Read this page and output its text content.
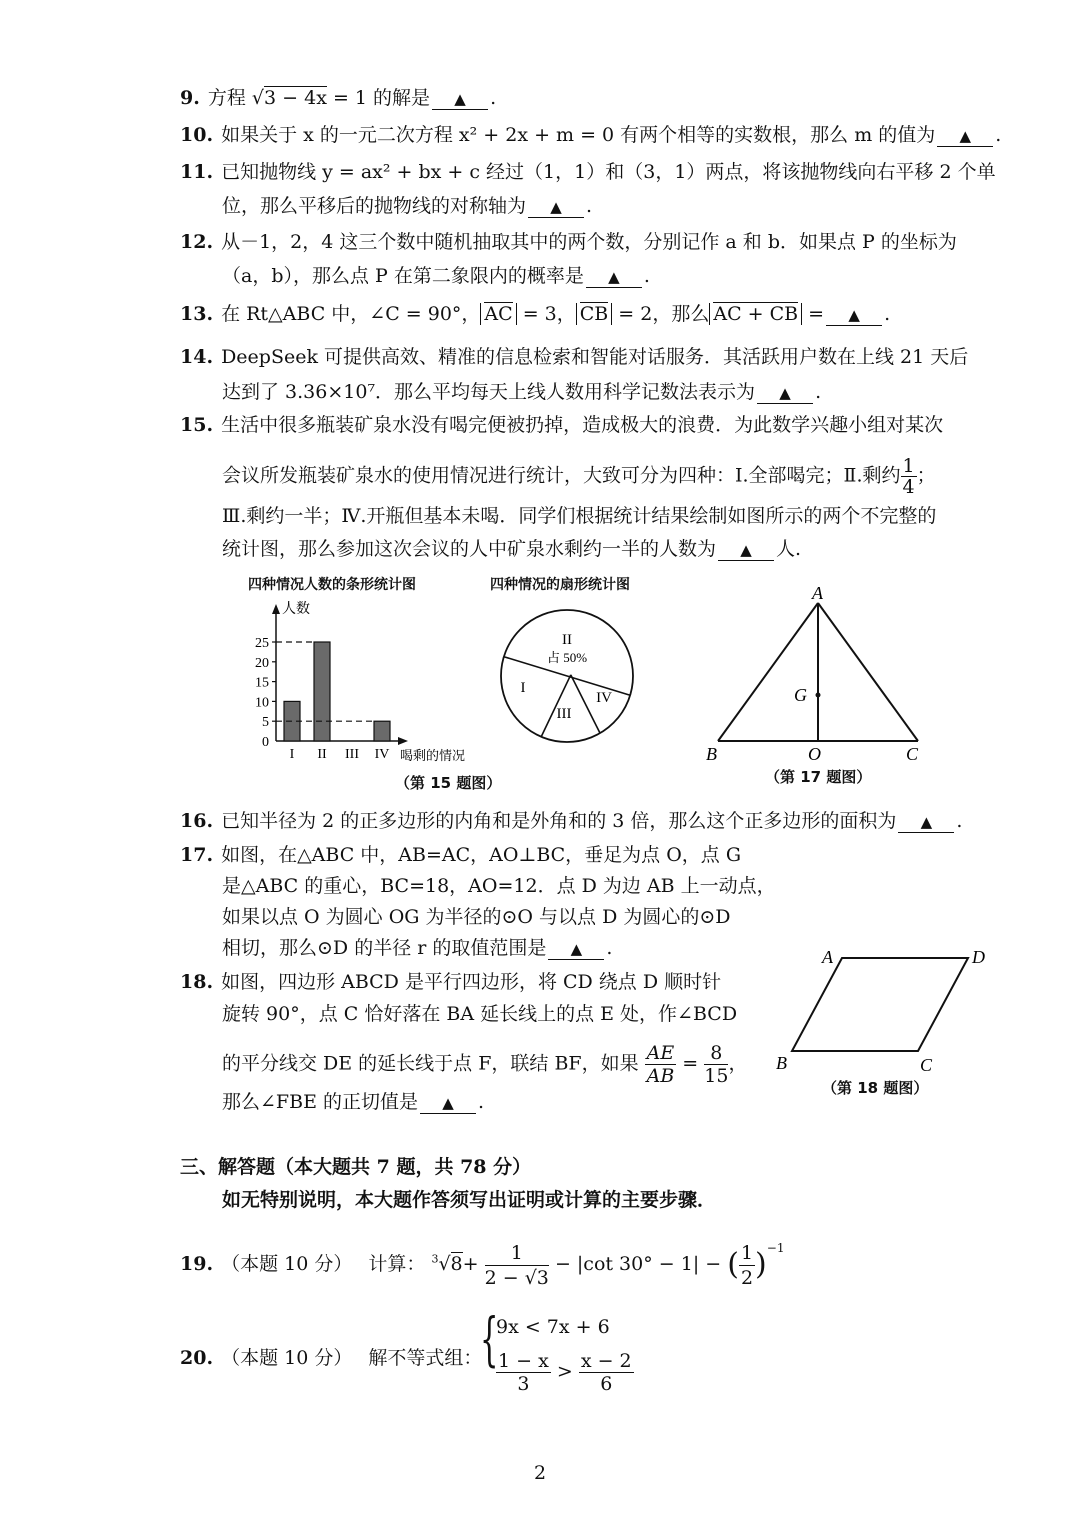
9. 方程 √3 − 4x = 1 的解是 ▲ .
10. 如果关于 x 的一元二次方程 x² + 2x + m = 0 有两个相等的实数根，那么 m 的值为 ▲ .
11. 已知抛物线 y = ax² + bx + c 经过（1，1）和（3，1）两点，将该抛物线向右平移 2 个单
位，那么平移后的抛物线的对称轴为 ▲ .
12. 从－1，2，4 这三个数中随机抽取其中的两个数，分别记作 a 和 b．如果点 P 的坐标为
（a，b），那么点 P 在第二象限内的概率是 ▲ .
13. 在 Rt△ABC 中，∠C = 90°， AC = 3， CB = 2，那么 AC + CB = ▲ .
14. DeepSeek 可提供高效、精准的信息检索和智能对话服务．其活跃用户数在上线 21 天后
达到了 3.36×10⁷．那么平均每天上线人数用科学记数法表示为 ▲ .
15. 生活中很多瓶装矿泉水没有喝完便被扔掉，造成极大的浪费．为此数学兴趣小组对某次
会议所发瓶装矿泉水的使用情况进行统计，大致可分为四种：Ⅰ.全部喝完；Ⅱ.剩约 $\frac{1}{4}$ ；
Ⅲ.剩约一半；Ⅳ.开瓶但基本未喝．同学们根据统计结果绘制如图所示的两个不完整的
统计图，那么参加这次会议的人中矿泉水剩约一半的人数为 ▲ 人.
四种情况人数的条形统计图	四种情况的扇形统计图
人数
喝剩的情况
0
5
10
15
20
25
I II III IV
II
占 50%
I
III
IV
（第 15 题图）
A
G
B	O	C
（第 17 题图）
16. 已知半径为 2 的正多边形的内角和是外角和的 3 倍，那么这个正多边形的面积为 ▲ .
17. 如图，在△ABC 中，AB=AC，AO⊥BC，垂足为点 O，点 G
是△ABC 的重心，BC=18，AO=12．点 D 为边 AB 上一动点，
如果以点 O 为圆心 OG 为半径的⊙O 与以点 D 为圆心的⊙D
相切，那么⊙D 的半径 r 的取值范围是 ▲ .
18. 如图，四边形 ABCD 是平行四边形，将 CD 绕点 D 顺时针
旋转 90°，点 C 恰好落在 BA 延长线上的点 E 处，作∠BCD
的平分线交 DE 的延长线于点 F，联结 BF，如果 $\frac{AE}{AB} = \frac{8}{15}$ ，
那么∠FBE 的正切值是 ▲ .
A	D
B	C
（第 18 题图）
三、解答题（本大题共 7 题，共 78 分）
如无特别说明，本大题作答须写出证明或计算的主要步骤．
19. （本题 10 分） 计算： $^3√8+ \frac{1}{2 - √3} - |\cot$ 30° − 1| − ( $\frac{1}{2} )^{-1}$
20. （本题 10 分） 解不等式组：
{
9x < 7x + 6
$\frac{1 - x}{3} > \frac{x - 2}{6}$
2
